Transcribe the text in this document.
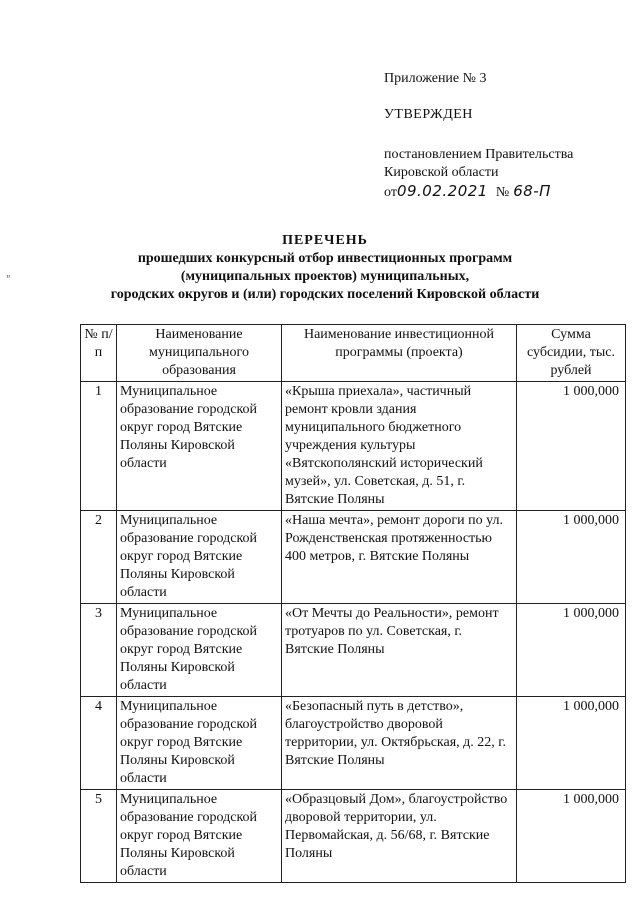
"
Приложение № 3
УТВЕРЖДЕН
постановлением Правительства
Кировской области
от09.02.2021 № 68-П
ПЕРЕЧЕНЬ
прошедших конкурсный отбор инвестиционных программ
(муниципальных проектов) муниципальных,
городских округов и (или) городских поселений Кировской области
№ п/п	Наименование муниципального образования	Наименование инвестиционной программы (проекта)	Сумма субсидии, тыс. рублей
1	Муниципальное образование городской округ город Вятские Поляны Кировской области	«Крыша приехала», частичный ремонт кровли здания муниципального бюджетного учреждения культуры «Вятскополянский исторический музей», ул. Советская, д. 51, г. Вятские Поляны	1 000,000
2	Муниципальное образование городской округ город Вятские Поляны Кировской области	«Наша мечта», ремонт дороги по ул. Рожденственская протяженностью 400 метров, г. Вятские Поляны	1 000,000
3	Муниципальное образование городской округ город Вятские Поляны Кировской области	«От Мечты до Реальности», ремонт тротуаров по ул. Советская, г. Вятские Поляны	1 000,000
4	Муниципальное образование городской округ город Вятские Поляны Кировской области	«Безопасный путь в детство», благоустройство дворовой территории, ул. Октябрьская, д. 22, г. Вятские Поляны	1 000,000
5	Муниципальное образование городской округ город Вятские Поляны Кировской области	«Образцовый Дом», благоустройство дворовой территории, ул. Первомайская, д. 56/68, г. Вятские Поляны	1 000,000
